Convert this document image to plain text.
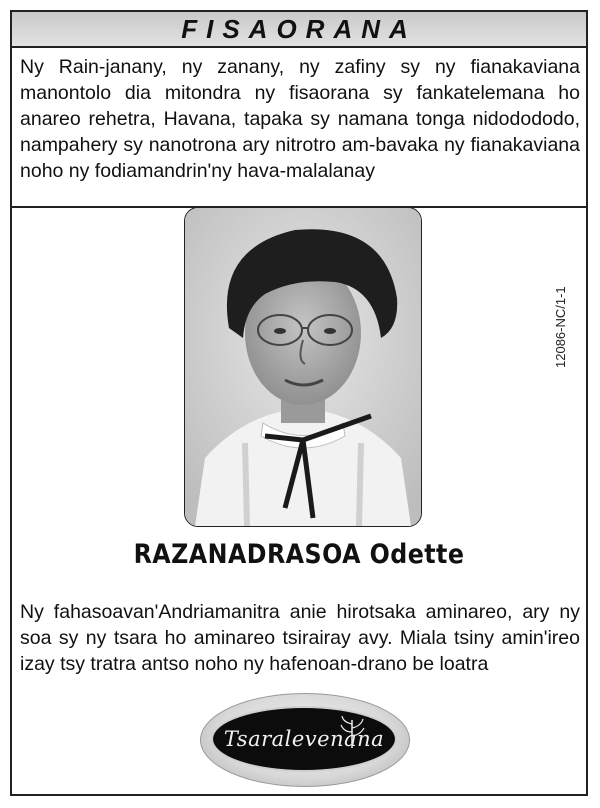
FISAORANA
Ny Rain-janany, ny zanany, ny zafiny sy ny fianakaviana manontolo dia mitondra ny fisaorana sy fankatelemana ho anareo rehetra, Havana, tapaka sy namana tonga nidodododo, nampahery sy nanotrona ary nitrotro am-bavaka ny fianakaviana noho ny fodiamandrin'ny hava-malalanay
RAZANADRASOA Odette
Ny fahasoavan'Andriamanitra anie hirotsaka aminareo, ary ny soa sy ny tsara ho aminareo tsirairay avy. Miala tsiny amin'ireo izay tsy tratra antso noho ny hafenoan-drano be loatra
Tsaralevenana
12086-NC/1-1
